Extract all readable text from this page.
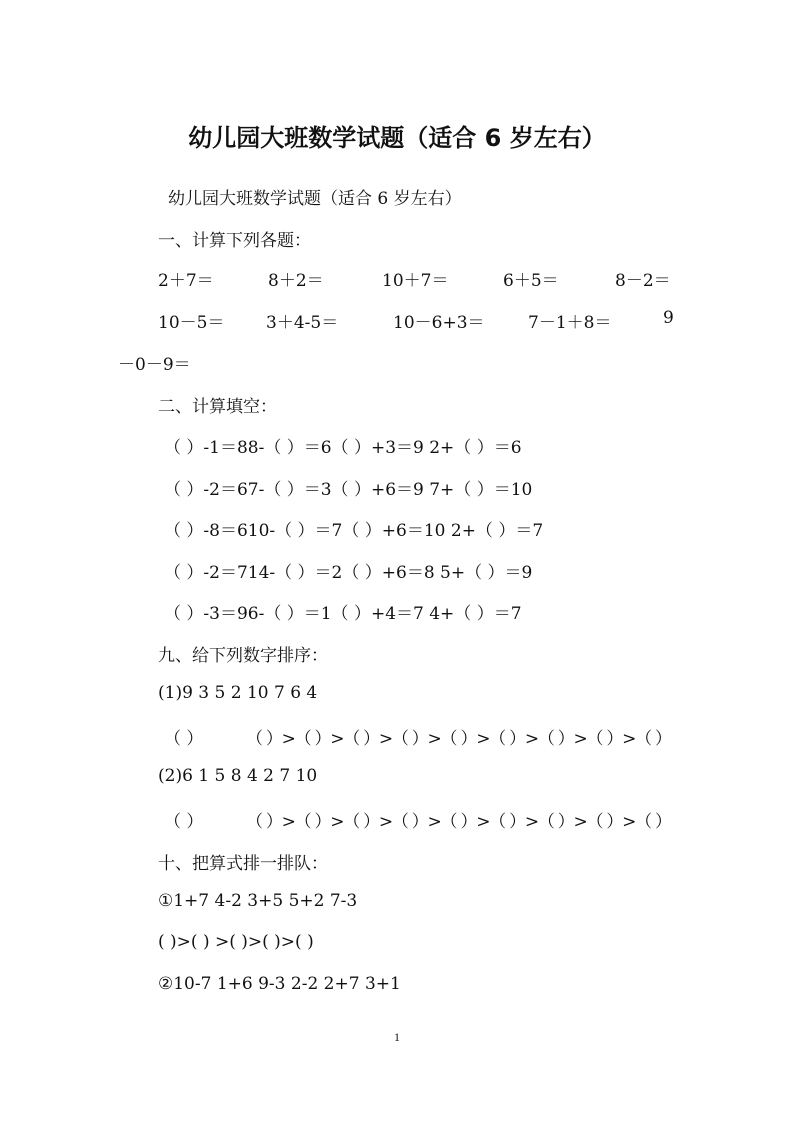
幼儿园大班数学试题（适合 6 岁左右）
幼儿园大班数学试题（适合 6 岁左右）
一、计算下列各题：
2＋7＝	8＋2＝	10＋7＝	6＋5＝	8－2＝
10－5＝ 3＋4-5＝	10－6+3＝	7－1＋8＝	9
－0－9＝
二、计算填空：
（ ）-1＝88-（ ）＝6（ ）+3＝9 2+（ ）＝6
（ ）-2＝67-（ ）＝3（ ）+6＝9 7+（ ）＝10
（ ）-8＝610-（ ）＝7（ ）+6＝10 2+（ ）＝7
（ ）-2＝714-（ ）＝2（ ）+6＝8 5+（ ）＝9
（ ）-3＝96-（ ）＝1（ ）+4＝7 4+（ ）＝7
九、给下列数字排序：
(1)9 3 5 2 10 7 6 4
（ ）	（ ）>（ ）>（ ）>（ ）>（ ）>（ ）>（ ）>（ ）>（ ）
(2)6 1 5 8 4 2 7 10
（ ）	（ ）>（ ）>（ ）>（ ）>（ ）>（ ）>（ ）>（ ）>（ ）
十、把算式排一排队：
①1+7 4-2 3+5 5+2 7-3
( )>( ) >( )>( )>( )
②10-7 1+6 9-3 2-2 2+7 3+1
1
